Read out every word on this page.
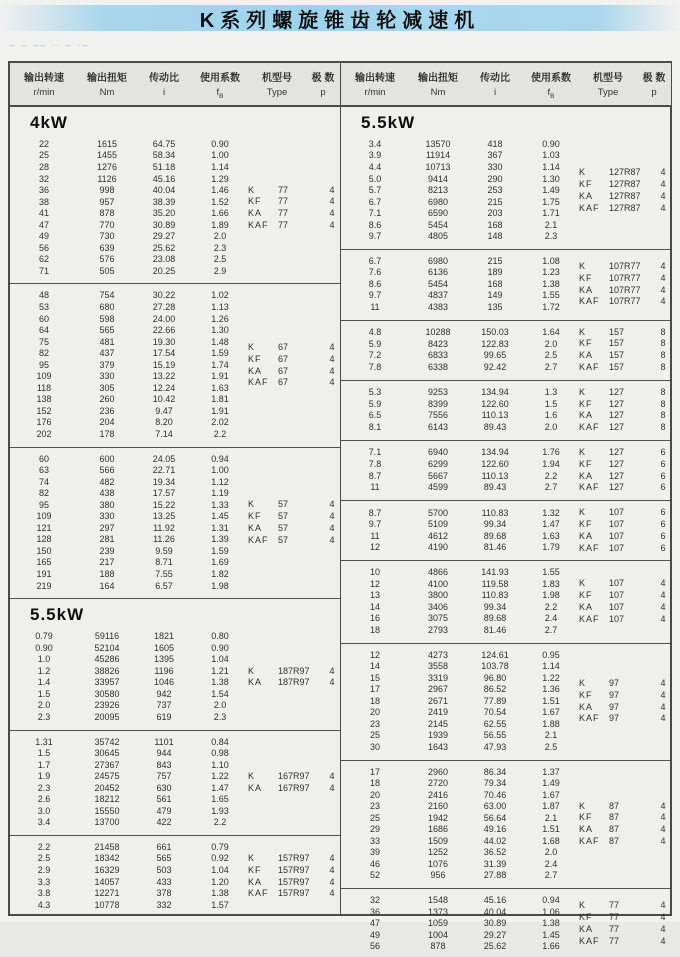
K系列螺旋锥齿轮减速机
– – –– ·· – ·–
输出转速	输出扭矩	传动比	使用系数	机型号	极 数
r/min	Nm	i	$f_B$	Type	p
4kW
22	1615	64.75	0.90
25	1455	58.34	1.00
28	1276	51.18	1.14
32	1126	45.16	1.29
36	998	40.04	1.46
38	957	38.39	1.52
41	878	35.20	1.66
47	770	30.89	1.89
49	730	29.27	2.0
56	639	25.62	2.3
62	576	23.08	2.5
71	505	20.25	2.9
K	77	4
KF	77	4
KA	77	4
KAF	77	4
48	754	30.22	1.02
53	680	27.28	1.13
60	598	24.00	1.26
64	565	22.66	1.30
75	481	19.30	1.48
82	437	17.54	1.59
95	379	15.19	1.74
109	330	13.22	1.91
118	305	12.24	1.63
138	260	10.42	1.81
152	236	9.47	1.91
176	204	8.20	2.02
202	178	7.14	2.2
K	67	4
KF	67	4
KA	67	4
KAF	67	4
60	600	24.05	0.94
63	566	22.71	1.00
74	482	19.34	1.12
82	438	17.57	1.19
95	380	15.22	1.33
109	330	13.25	1.45
121	297	11.92	1.31
128	281	11.26	1.39
150	239	9.59	1.59
165	217	8.71	1.69
191	188	7.55	1.82
219	164	6.57	1.98
K	57	4
KF	57	4
KA	57	4
KAF	57	4
5.5kW
0.79	59116	1821	0.80
0.90	52104	1605	0.90
1.0	45286	1395	1.04
1.2	38826	1196	1.21
1.4	33957	1046	1.38
1.5	30580	942	1.54
2.0	23926	737	2.0
2.3	20095	619	2.3
K	187R97	4
KA	187R97	4
1.31	35742	1101	0.84
1.5	30645	944	0.98
1.7	27367	843	1.10
1.9	24575	757	1.22
2.3	20452	630	1.47
2.6	18212	561	1.65
3.0	15550	479	1.93
3.4	13700	422	2.2
K	167R97	4
KA	167R97	4
2.2	21458	661	0.79
2.5	18342	565	0.92
2.9	16329	503	1.04
3.3	14057	433	1.20
3.8	12271	378	1.38
4.3	10778	332	1.57
K	157R97	4
KF	157R97	4
KA	157R97	4
KAF	157R97	4
输出转速	输出扭矩	传动比	使用系数	机型号	极 数
r/min	Nm	i	$f_B$	Type	p
5.5kW
3.4	13570	418	0.90
3.9	11914	367	1.03
4.4	10713	330	1.14
5.0	9414	290	1.30
5.7	8213	253	1.49
6.7	6980	215	1.75
7.1	6590	203	1.71
8.6	5454	168	2.1
9.7	4805	148	2.3
K	127R87	4
KF	127R87	4
KA	127R87	4
KAF	127R87	4
6.7	6980	215	1.08
7.6	6136	189	1.23
8.6	5454	168	1.38
9.7	4837	149	1.55
11	4383	135	1.72
K	107R77	4
KF	107R77	4
KA	107R77	4
KAF	107R77	4
4.8	10288	150.03	1.64
5.9	8423	122.83	2.0
7.2	6833	99.65	2.5
7.8	6338	92.42	2.7
K	157	8
KF	157	8
KA	157	8
KAF	157	8
5.3	9253	134.94	1.3
5.9	8399	122.60	1.5
6.5	7556	110.13	1.6
8.1	6143	89.43	2.0
K	127	8
KF	127	8
KA	127	8
KAF	127	8
7.1	6940	134.94	1.76
7.8	6299	122.60	1.94
8.7	5667	110.13	2.2
11	4599	89.43	2.7
K	127	6
KF	127	6
KA	127	6
KAF	127	6
8.7	5700	110.83	1.32
9.7	5109	99.34	1.47
11	4612	89.68	1.63
12	4190	81.46	1.79
K	107	6
KF	107	6
KA	107	6
KAF	107	6
10	4866	141.93	1.55
12	4100	119.58	1.83
13	3800	110.83	1.98
14	3406	99.34	2.2
16	3075	89.68	2.4
18	2793	81.46	2.7
K	107	4
KF	107	4
KA	107	4
KAF	107	4
12	4273	124.61	0.95
14	3558	103.78	1.14
15	3319	96.80	1.22
17	2967	86.52	1.36
18	2671	77.89	1.51
20	2419	70.54	1.67
23	2145	62.55	1.88
25	1939	56.55	2.1
30	1643	47.93	2.5
K	97	4
KF	97	4
KA	97	4
KAF	97	4
17	2960	86.34	1.37
18	2720	79.34	1.49
20	2416	70.46	1.67
23	2160	63.00	1.87
25	1942	56.64	2.1
29	1686	49.16	1.51
33	1509	44.02	1.68
39	1252	36.52	2.0
46	1076	31.39	2.4
52	956	27.88	2.7
K	87	4
KF	87	4
KA	87	4
KAF	87	4
32	1548	45.16	0.94
36	1373	40.04	1.06
47	1059	30.89	1.38
49	1004	29.27	1.45
56	878	25.62	1.66
K	77	4
KF	77	4
KA	77	4
KAF	77	4
